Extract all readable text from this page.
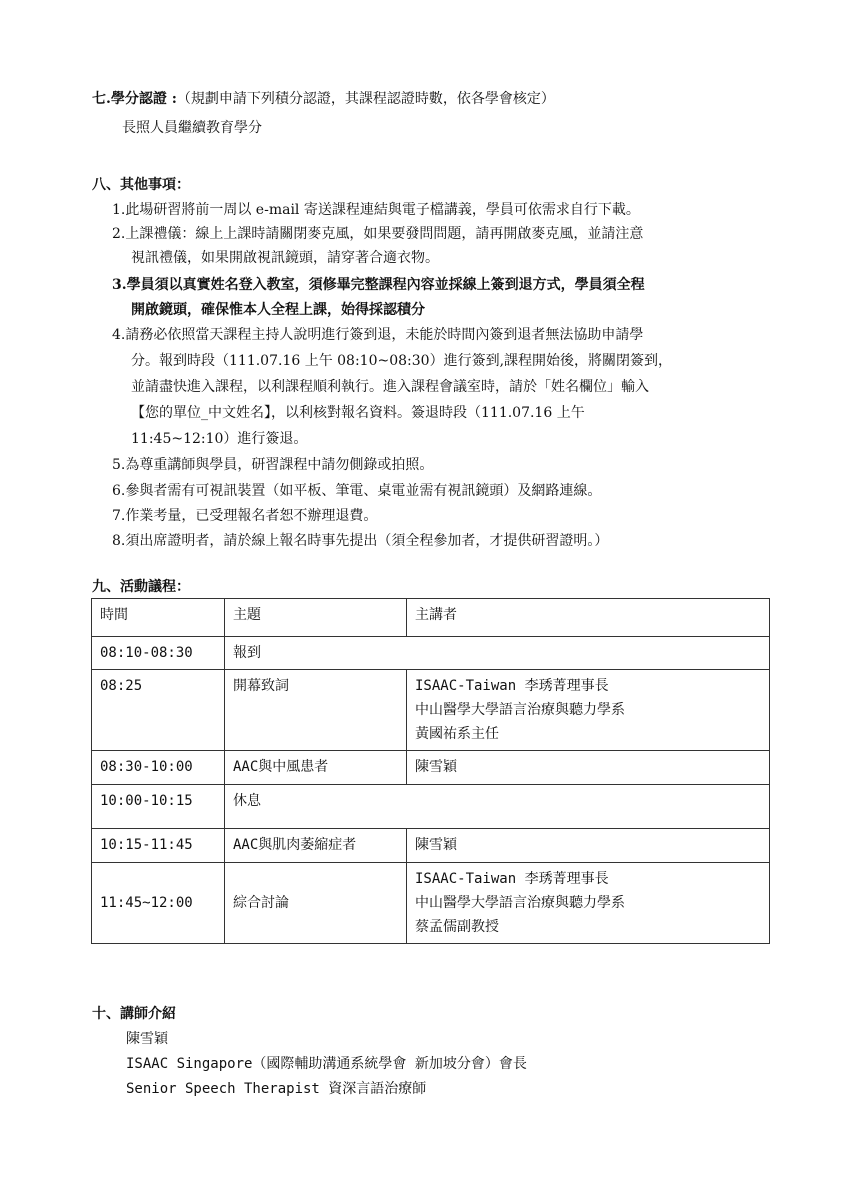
七.學分認證 :（規劃申請下列積分認證，其課程認證時數，依各學會核定）
長照人員繼續教育學分
八、其他事項：
1.此場研習將前一周以 e-mail 寄送課程連結與電子檔講義，學員可依需求自行下載。
2.上課禮儀：線上上課時請關閉麥克風，如果要發問問題，請再開啟麥克風，並請注意
視訊禮儀，如果開啟視訊鏡頭，請穿著合適衣物。
3.學員須以真實姓名登入教室，須修畢完整課程內容並採線上簽到退方式，學員須全程
開啟鏡頭，確保惟本人全程上課，始得採認積分
4.請務必依照當天課程主持人說明進行簽到退，未能於時間內簽到退者無法協助申請學
分。報到時段（111.07.16 上午 08:10~08:30）進行簽到,課程開始後，將關閉簽到，
並請盡快進入課程，以利課程順利執行。進入課程會議室時，請於「姓名欄位」輸入
【您的單位_中文姓名】，以利核對報名資料。簽退時段（111.07.16 上午
11:45~12:10）進行簽退。
5.為尊重講師與學員，研習課程中請勿側錄或拍照。
6.參與者需有可視訊裝置（如平板、筆電、桌電並需有視訊鏡頭）及網路連線。
7.作業考量，已受理報名者恕不辦理退費。
8.須出席證明者，請於線上報名時事先提出（須全程參加者，才提供研習證明。）
九、活動議程：
時間	主題	主講者
08:10-08:30	報到	
08:25	開幕致詞	ISAAC-Taiwan 李琇菁理事長
中山醫學大學語言治療與聽力學系
黃國祐系主任

08:30-10:00	AAC與中風患者	陳雪穎
10:00-10:15	休息	
10:15-11:45	AAC與肌肉萎縮症者	陳雪穎
11:45~12:00	綜合討論	ISAAC-Taiwan 李琇菁理事長
中山醫學大學語言治療與聽力學系
蔡孟儒副教授
十、講師介紹
陳雪穎
ISAAC Singapore（國際輔助溝通系統學會 新加坡分會）會長
Senior Speech Therapist 資深言語治療師
